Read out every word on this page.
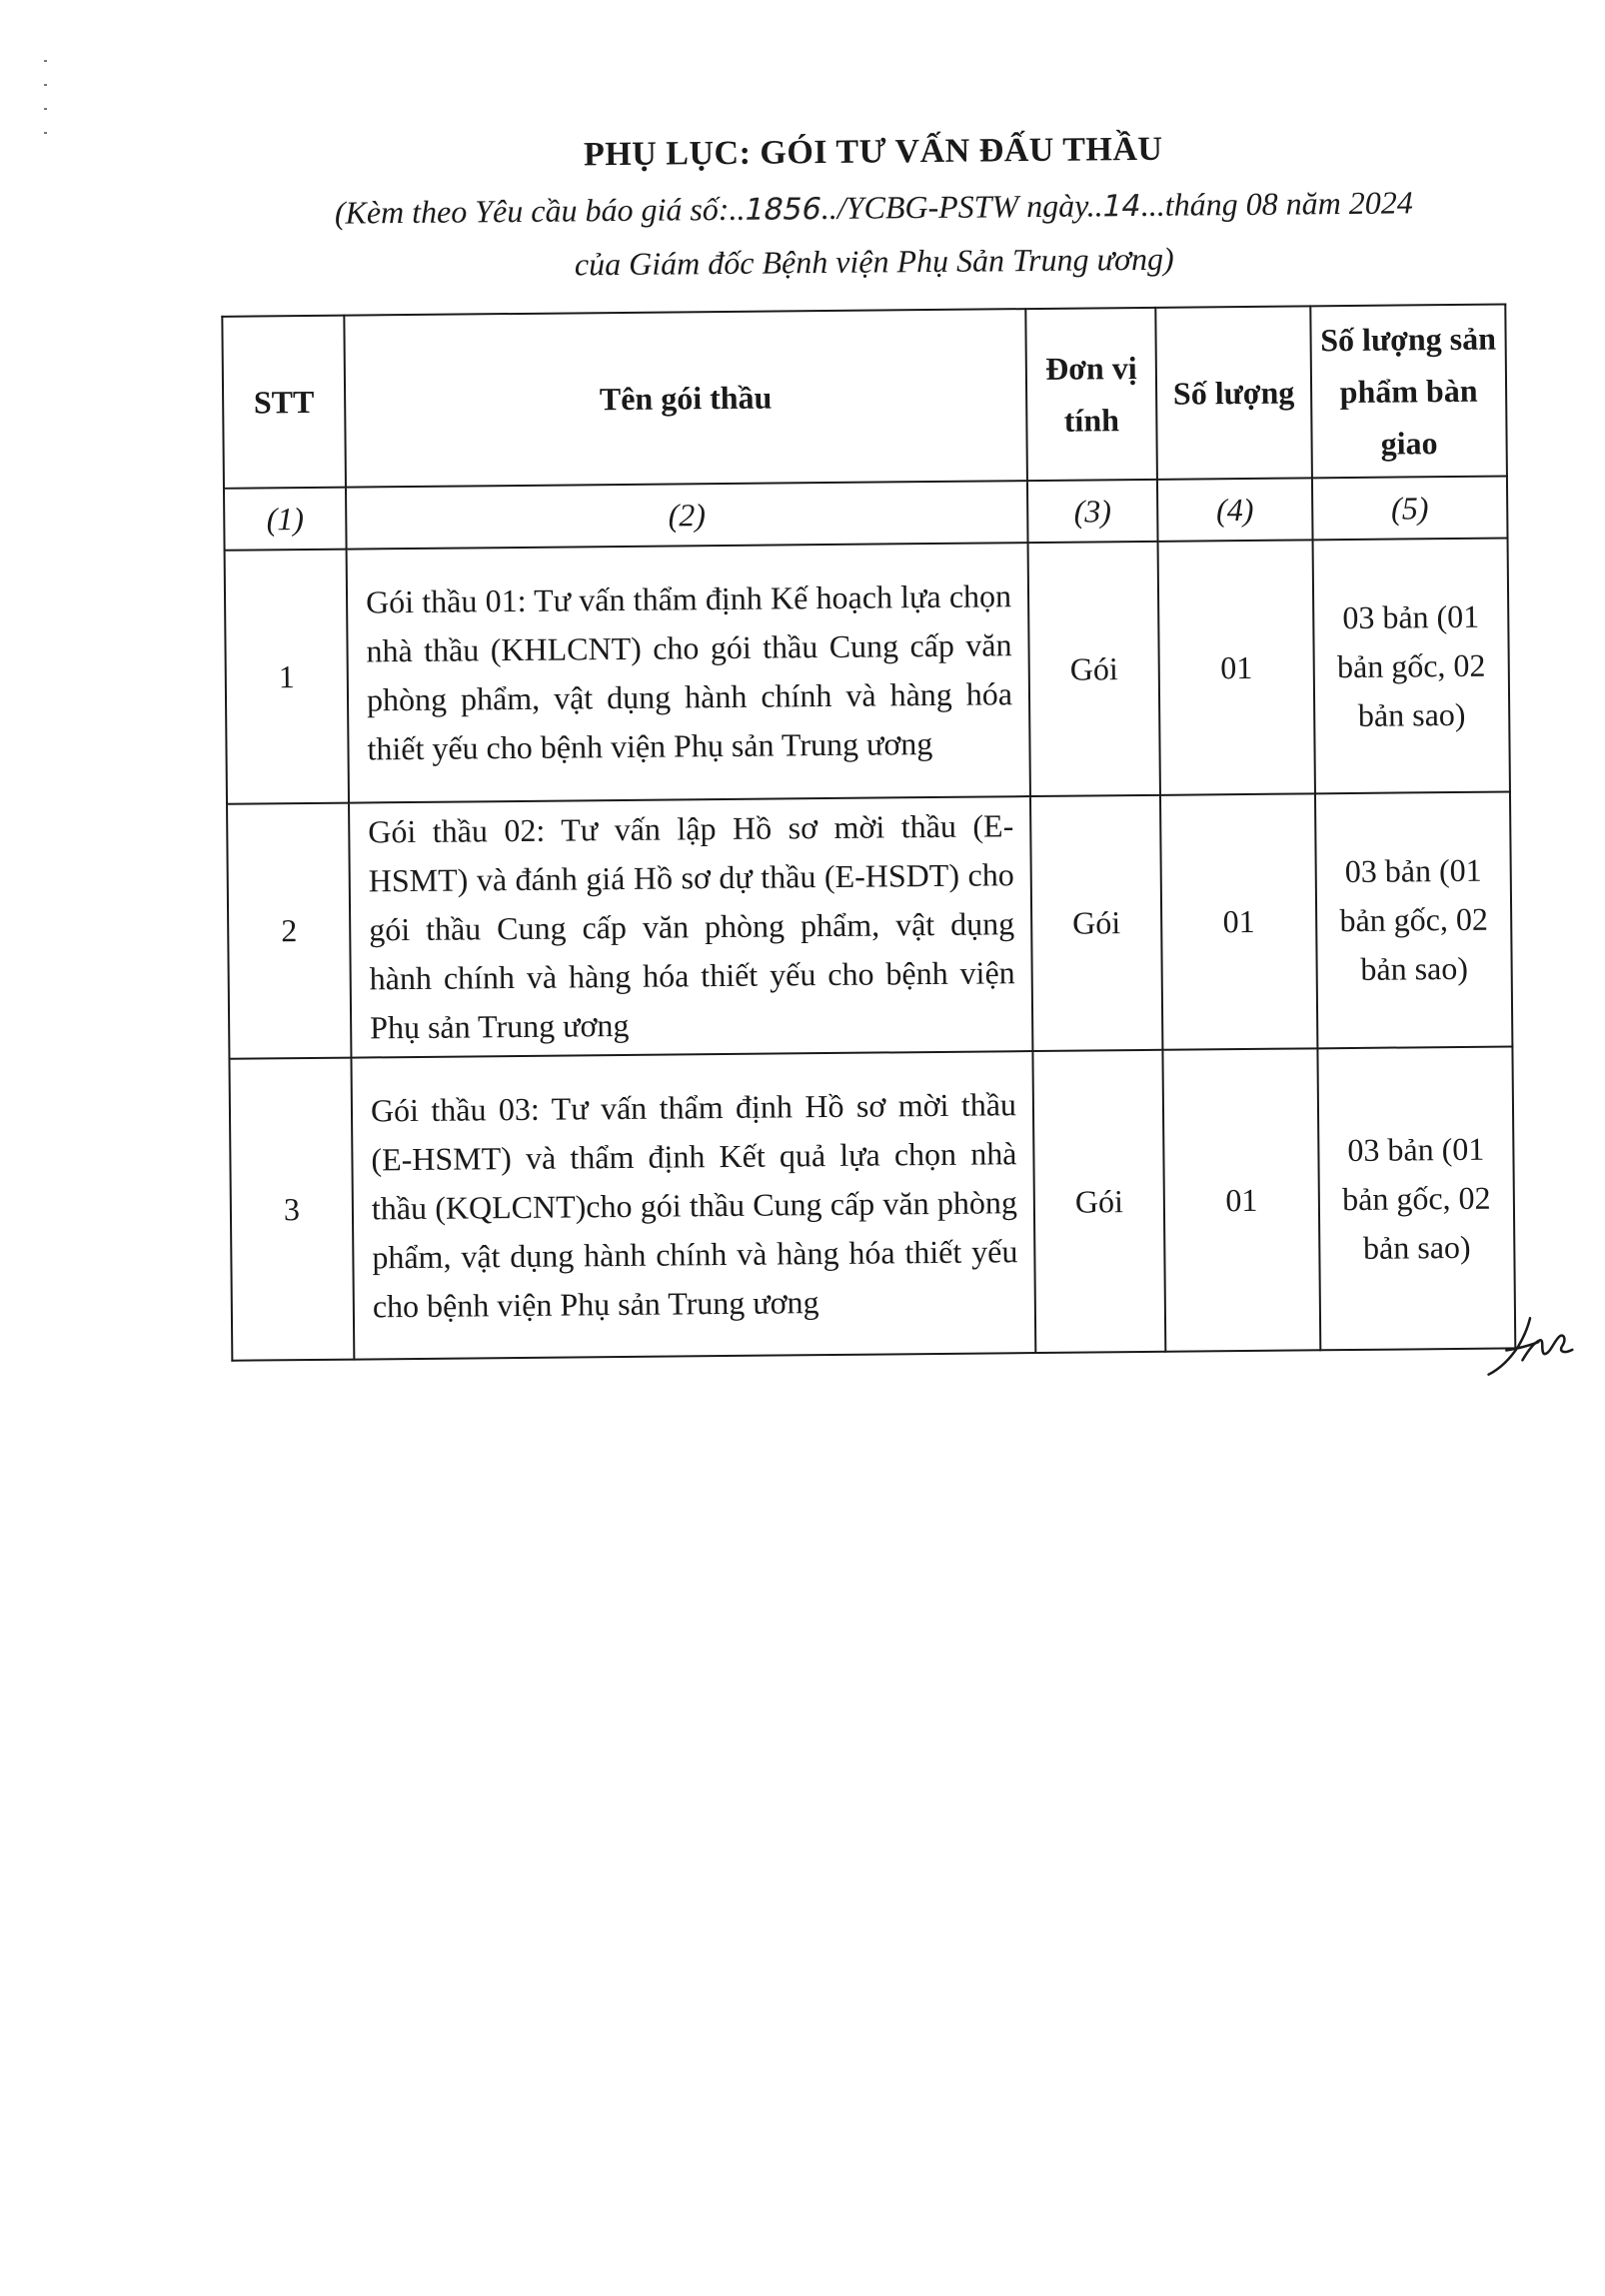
PHỤ LỤC: GÓI TƯ VẤN ĐẤU THẦU
(Kèm theo Yêu cầu báo giá số:..1856../YCBG-PSTW ngày..14...tháng 08 năm 2024
của Giám đốc Bệnh viện Phụ Sản Trung ương)
STT	Tên gói thầu	Đơn vị tính	Số lượng	Số lượng sản phẩm bàn giao
(1)	(2)	(3)	(4)	(5)
1	Gói thầu 01: Tư vấn thẩm định Kế hoạch lựa chọn nhà thầu (KHLCNT) cho gói thầu Cung cấp văn phòng phẩm, vật dụng hành chính và hàng hóa thiết yếu cho bệnh viện Phụ sản Trung ương	Gói	01	03 bản (01 bản gốc, 02 bản sao)
2	Gói thầu 02: Tư vấn lập Hồ sơ mời thầu (E-HSMT) và đánh giá Hồ sơ dự thầu (E-HSDT) cho gói thầu Cung cấp văn phòng phẩm, vật dụng hành chính và hàng hóa thiết yếu cho bệnh viện Phụ sản Trung ương	Gói	01	03 bản (01 bản gốc, 02 bản sao)
3	Gói thầu 03: Tư vấn thẩm định Hồ sơ mời thầu (E-HSMT) và thẩm định Kết quả lựa chọn nhà thầu (KQLCNT)cho gói thầu Cung cấp văn phòng phẩm, vật dụng hành chính và hàng hóa thiết yếu cho bệnh viện Phụ sản Trung ương	Gói	01	03 bản (01 bản gốc, 02 bản sao)
